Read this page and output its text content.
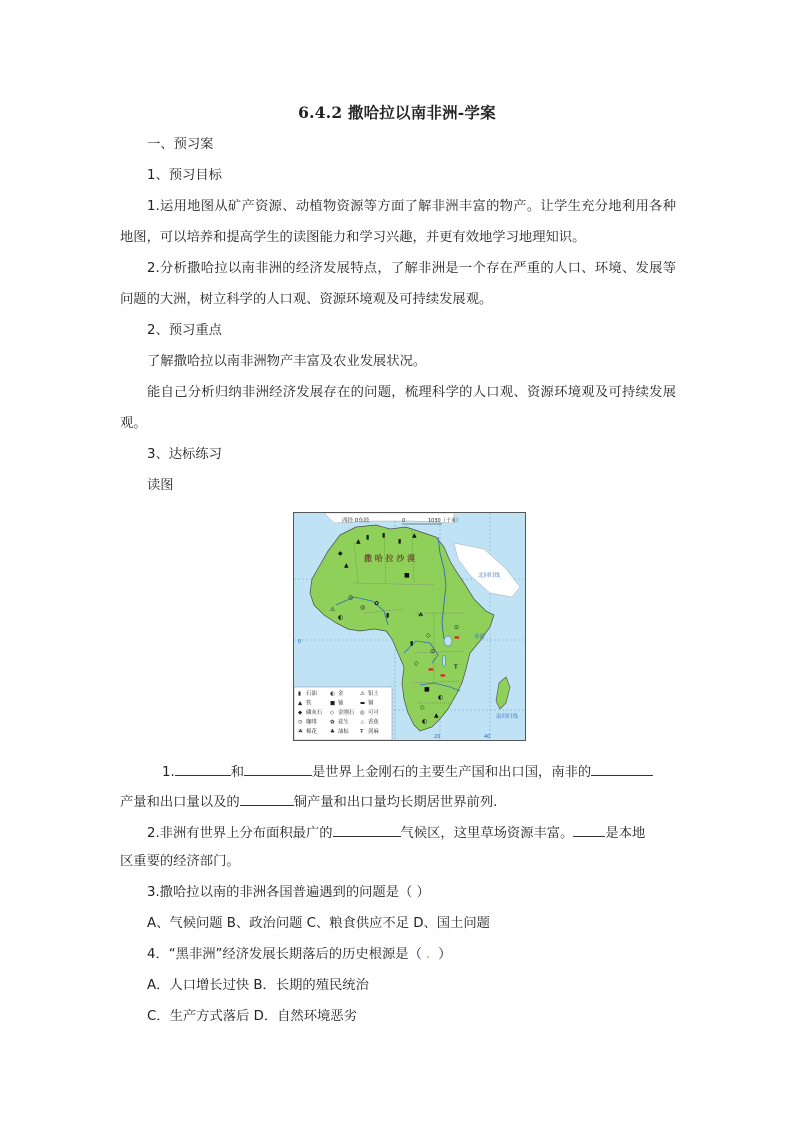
6.4.2 撒哈拉以南非洲-学案
一、预习案
1、预习目标
1.运用地图从矿产资源、动植物资源等方面了解非洲丰富的物产。让学生充分地利用各种地图，可以培养和提高学生的读图能力和学习兴趣，并更有效地学习地理知识。
2.分析撒哈拉以南非洲的经济发展特点，了解非洲是一个存在严重的人口、环境、发展等问题的大洲，树立科学的人口观、资源环境观及可持续发展观。
2、预习重点
了解撒哈拉以南非洲物产丰富及农业发展状况。
能自己分析归纳非洲经济发展存在的问题，梳理科学的人口观、资源环境观及可持续发展观。
3、达标练习
读图
▲
▮ ▮
▮
▲
◆
▲
■
◎
◎
✿
▮
⚠
◐	☘
⊙
◇
▮
▬
⊙
◇
▬
▬
Ŧ
■
◐
◇
▲
◐
西经 0东经	0	1030（千米）
撒 哈 拉 沙 漠
北回归线
赤道
南回归线
0
20	40
▮ 石油 ◐ 金	⚠ 铝土
▲ 铁	■ 铀	▬ 铜
◆ 磷灰石 ◇ 金刚石 ◎ 可可
⊙ 咖啡 ✿ 花生 ♨ 香蕉
☘ 棉花 ♣ 油棕 Ŧ 剑麻
1.	和	是世界上金刚石的主要生产国和出口国，南非的
产量和出口量以及的	铜产量和出口量均长期居世界前列.
2.非洲有世界上分布面积最广的	气候区，这里草场资源丰富。 是本地
区重要的经济部门。
3.撒哈拉以南的非洲各国普遍遇到的问题是（ ）
A、气候问题 B、政治问题 C、粮食供应不足 D、国土问题
4．“黑非洲”经济发展长期落后的历史根源是（ . ）
A．人口增长过快 B．长期的殖民统治
C．生产方式落后 D．自然环境恶劣
